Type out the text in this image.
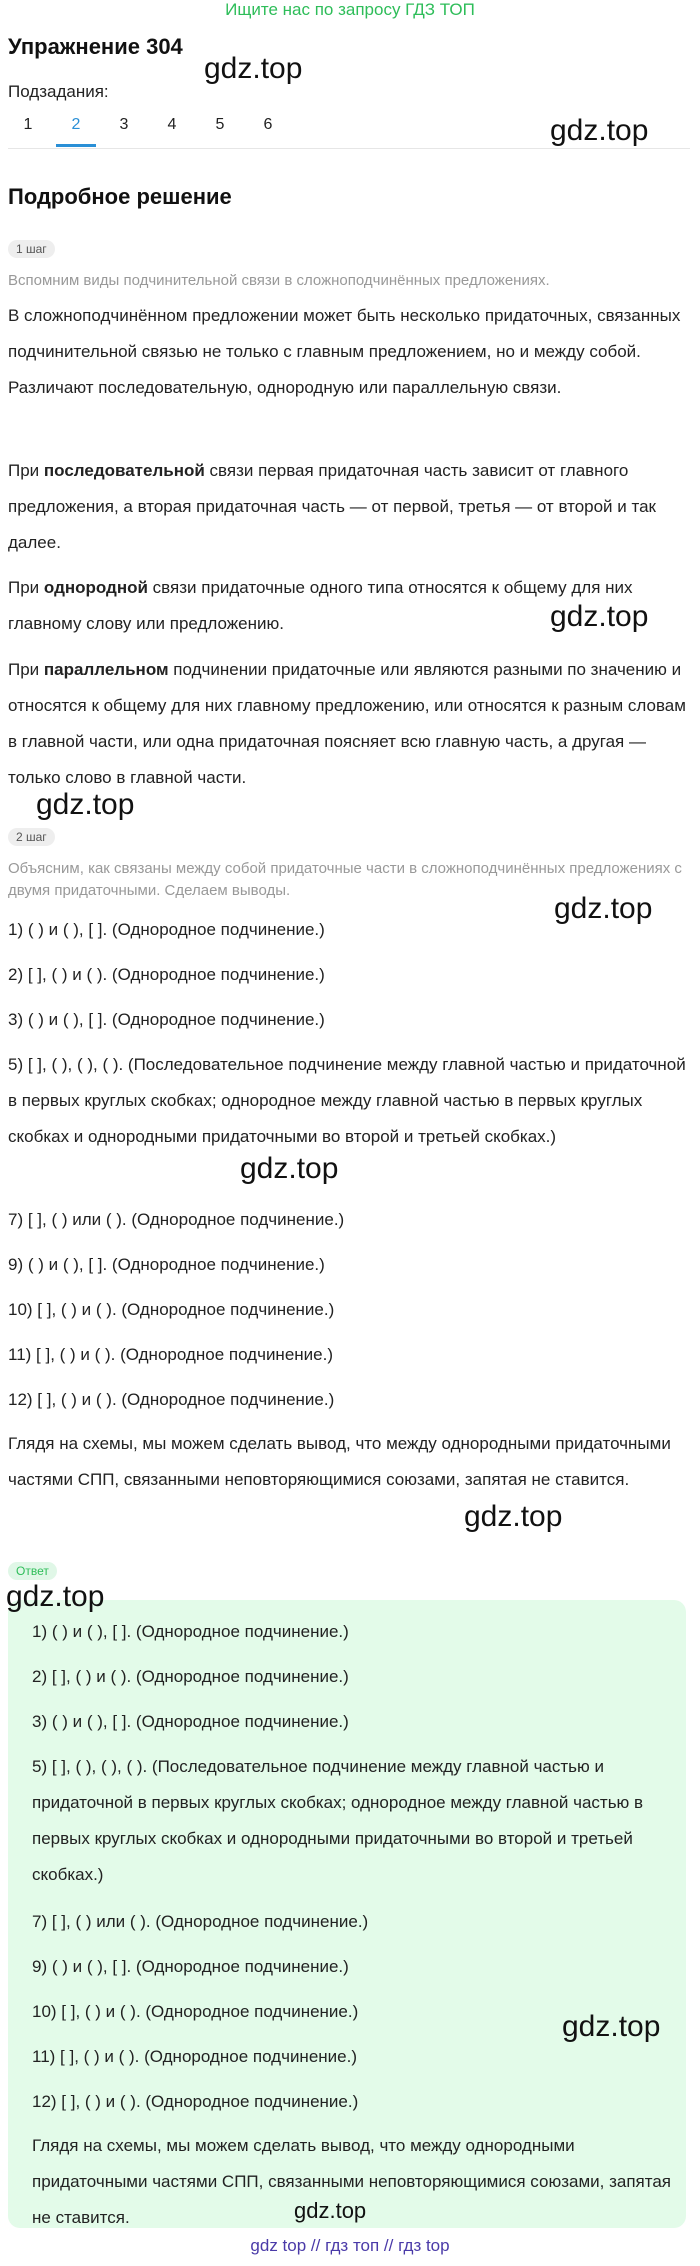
Ищите нас по запросу ГДЗ ТОП
Упражнение 304
Подзадания:
1	2	3	4	5	6
Подробное решение
1 шаг
Вспомним виды подчинительной связи в сложноподчинённых предложениях.
В сложноподчинённом предложении может быть несколько придаточных, связанных подчинительной связью не только с главным предложением, но и между собой. Различают последовательную, однородную или параллельную связи.
При последовательной связи первая придаточная часть зависит от главного предложения, а вторая придаточная часть — от первой, третья — от второй и так далее.
При однородной связи придаточные одного типа относятся к общему для них главному слову или предложению.
При параллельном подчинении придаточные или являются разными по значению и относятся к общему для них главному предложению, или относятся к разным словам в главной части, или одна придаточная поясняет всю главную часть, а другая — только слово в главной части.
2 шаг
Объясним, как связаны между собой придаточные части в сложноподчинённых предложениях с двумя придаточными. Сделаем выводы.
1) ( ) и ( ), [ ]. (Однородное подчинение.)
2) [ ], ( ) и ( ). (Однородное подчинение.)
3) ( ) и ( ), [ ]. (Однородное подчинение.)
5) [ ], ( ), ( ), ( ). (Последовательное подчинение между главной частью и придаточной в первых круглых скобках; однородное между главной частью в первых круглых скобках и однородными придаточными во второй и третьей скобках.)
7) [ ], ( ) или ( ). (Однородное подчинение.)
9) ( ) и ( ), [ ]. (Однородное подчинение.)
10) [ ], ( ) и ( ). (Однородное подчинение.)
11) [ ], ( ) и ( ). (Однородное подчинение.)
12) [ ], ( ) и ( ). (Однородное подчинение.)
Глядя на схемы, мы можем сделать вывод, что между однородными придаточными частями СПП, связанными неповторяющимися союзами, запятая не ставится.
Ответ
1) ( ) и ( ), [ ]. (Однородное подчинение.)
2) [ ], ( ) и ( ). (Однородное подчинение.)
3) ( ) и ( ), [ ]. (Однородное подчинение.)
5) [ ], ( ), ( ), ( ). (Последовательное подчинение между главной частью и придаточной в первых круглых скобках; однородное между главной частью в первых круглых скобках и однородными придаточными во второй и третьей скобках.)
7) [ ], ( ) или ( ). (Однородное подчинение.)
9) ( ) и ( ), [ ]. (Однородное подчинение.)
10) [ ], ( ) и ( ). (Однородное подчинение.)
11) [ ], ( ) и ( ). (Однородное подчинение.)
12) [ ], ( ) и ( ). (Однородное подчинение.)
Глядя на схемы, мы можем сделать вывод, что между однородными придаточными частями СПП, связанными неповторяющимися союзами, запятая не ставится.
gdz.top
gdz.top
gdz.top
gdz.top
gdz.top
gdz.top
gdz.top
gdz.top
gdz.top
gdz.top
gdz top // гдз топ // гдз top
